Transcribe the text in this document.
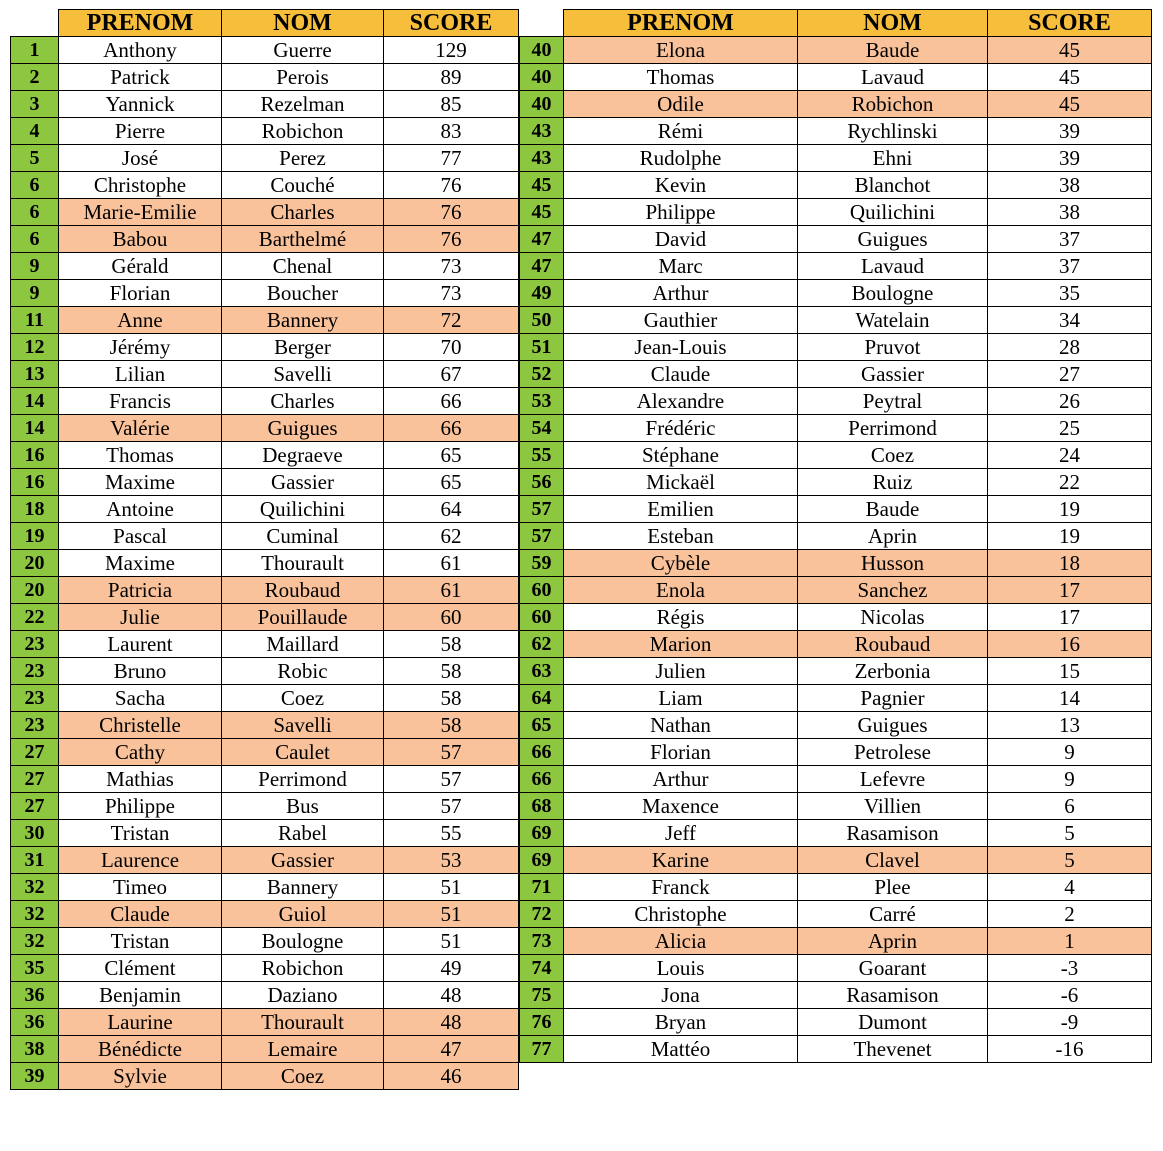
	PRENOM	NOM	SCORE
1	Anthony	Guerre	129
2	Patrick	Perois	89
3	Yannick	Rezelman	85
4	Pierre	Robichon	83
5	José	Perez	77
6	Christophe	Couché	76
6	Marie-Emilie	Charles	76
6	Babou	Barthelmé	76
9	Gérald	Chenal	73
9	Florian	Boucher	73
11	Anne	Bannery	72
12	Jérémy	Berger	70
13	Lilian	Savelli	67
14	Francis	Charles	66
14	Valérie	Guigues	66
16	Thomas	Degraeve	65
16	Maxime	Gassier	65
18	Antoine	Quilichini	64
19	Pascal	Cuminal	62
20	Maxime	Thourault	61
20	Patricia	Roubaud	61
22	Julie	Pouillaude	60
23	Laurent	Maillard	58
23	Bruno	Robic	58
23	Sacha	Coez	58
23	Christelle	Savelli	58
27	Cathy	Caulet	57
27	Mathias	Perrimond	57
27	Philippe	Bus	57
30	Tristan	Rabel	55
31	Laurence	Gassier	53
32	Timeo	Bannery	51
32	Claude	Guiol	51
32	Tristan	Boulogne	51
35	Clément	Robichon	49
36	Benjamin	Daziano	48
36	Laurine	Thourault	48
38	Bénédicte	Lemaire	47
39	Sylvie	Coez	46
	PRENOM	NOM	SCORE
40	Elona	Baude	45
40	Thomas	Lavaud	45
40	Odile	Robichon	45
43	Rémi	Rychlinski	39
43	Rudolphe	Ehni	39
45	Kevin	Blanchot	38
45	Philippe	Quilichini	38
47	David	Guigues	37
47	Marc	Lavaud	37
49	Arthur	Boulogne	35
50	Gauthier	Watelain	34
51	Jean-Louis	Pruvot	28
52	Claude	Gassier	27
53	Alexandre	Peytral	26
54	Frédéric	Perrimond	25
55	Stéphane	Coez	24
56	Mickaël	Ruiz	22
57	Emilien	Baude	19
57	Esteban	Aprin	19
59	Cybèle	Husson	18
60	Enola	Sanchez	17
60	Régis	Nicolas	17
62	Marion	Roubaud	16
63	Julien	Zerbonia	15
64	Liam	Pagnier	14
65	Nathan	Guigues	13
66	Florian	Petrolese	9
66	Arthur	Lefevre	9
68	Maxence	Villien	6
69	Jeff	Rasamison	5
69	Karine	Clavel	5
71	Franck	Plee	4
72	Christophe	Carré	2
73	Alicia	Aprin	1
74	Louis	Goarant	-3
75	Jona	Rasamison	-6
76	Bryan	Dumont	-9
77	Mattéo	Thevenet	-16
